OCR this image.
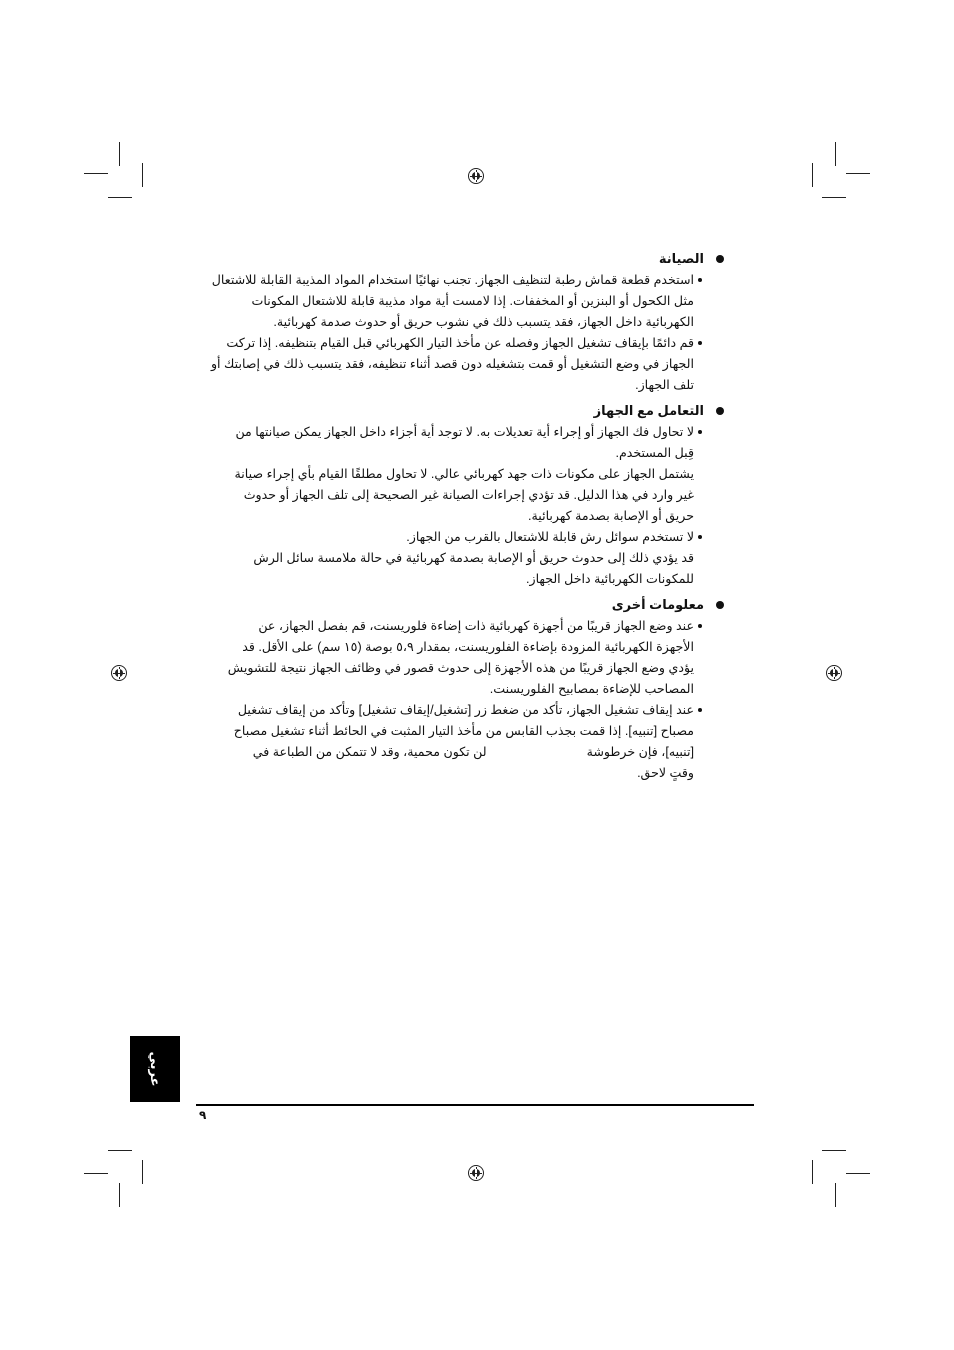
الصيانة
استخدم قطعة قماش رطبة لتنظيف الجهاز. تجنب نهائيًا استخدام المواد المذيبة القابلة للاشتعال
مثل الكحول أو البنزين أو المخففات. إذا لامست أية مواد مذيبة قابلة للاشتعال المكونات
الكهربائية داخل الجهاز، فقد يتسبب ذلك في نشوب حريق أو حدوث صدمة كهربائية.
قم دائمًا بإيقاف تشغيل الجهاز وفصله عن مأخذ التيار الكهربائي قبل القيام بتنظيفه. إذا تركت
الجهاز في وضع التشغيل أو قمت بتشغيله دون قصد أثناء تنظيفه، فقد يتسبب ذلك في إصابتك أو
تلف الجهاز.
التعامل مع الجهاز
لا تحاول فك الجهاز أو إجراء أية تعديلات به. لا توجد أية أجزاء داخل الجهاز يمكن صيانتها من
قِبل المستخدم.
يشتمل الجهاز على مكونات ذات جهد كهربائي عالي. لا تحاول مطلقًا القيام بأي إجراء صيانة
غير وارد في هذا الدليل. قد تؤدي إجراءات الصيانة غير الصحيحة إلى تلف الجهاز أو حدوث
حريق أو الإصابة بصدمة كهربائية.
لا تستخدم سوائل رش قابلة للاشتعال بالقرب من الجهاز.
قد يؤدي ذلك إلى حدوث حريق أو الإصابة بصدمة كهربائية في حالة ملامسة سائل الرش
للمكونات الكهربائية داخل الجهاز.
معلومات أخرى
عند وضع الجهاز قريبًا من أجهزة كهربائية ذات إضاءة فلوريسنت، قم بفصل الجهاز، عن
الأجهزة الكهربائية المزودة بإضاءة الفلوريسنت، بمقدار ٥،٩ بوصة (١٥ سم) على الأقل. قد
يؤدي وضع الجهاز قريبًا من هذه الأجهزة إلى حدوث قصور في وظائف الجهاز نتيجة للتشويش
المصاحب للإضاءة بمصابيح الفلوريسنت.
عند إيقاف تشغيل الجهاز، تأكد من ضغط زر [تشغيل/إيقاف تشغيل] وتأكد من إيقاف تشغيل
مصباح [تنبيه]. إذا قمت بجذب القابس من مأخذ التيار المثبت في الحائط أثناء تشغيل مصباح
[تنبيه]، فإن خرطوشةلن تكون محمية، وقد لا تتمكن من الطباعة في
وقتٍ لاحق.
عربي
٩
